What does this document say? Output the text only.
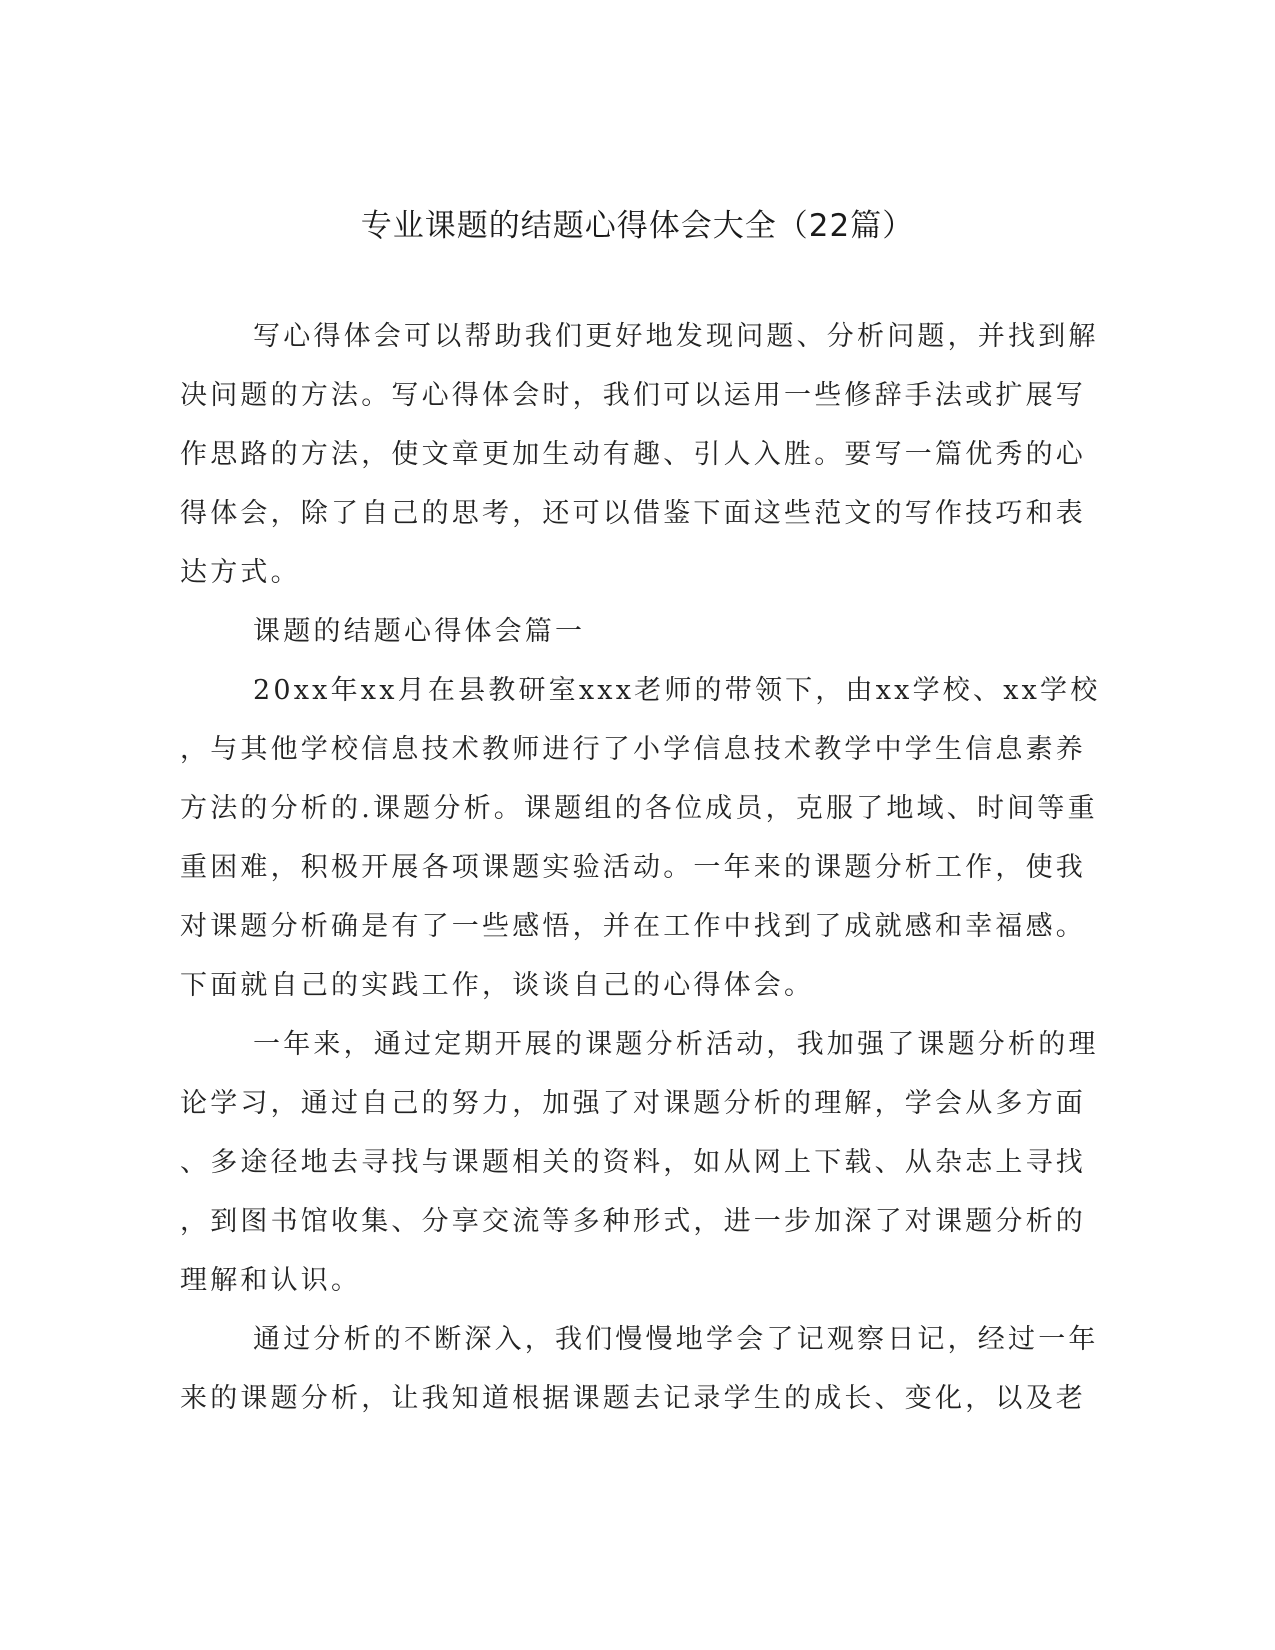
专业课题的结题心得体会大全（22篇）
写心得体会可以帮助我们更好地发现问题、分析问题，并找到解
决问题的方法。写心得体会时，我们可以运用一些修辞手法或扩展写
作思路的方法，使文章更加生动有趣、引人入胜。要写一篇优秀的心
得体会，除了自己的思考，还可以借鉴下面这些范文的写作技巧和表
达方式。
课题的结题心得体会篇一
20xx年xx月在县教研室xxx老师的带领下，由xx学校、xx学校
，与其他学校信息技术教师进行了小学信息技术教学中学生信息素养
方法的分析的.课题分析。课题组的各位成员，克服了地域、时间等重
重困难，积极开展各项课题实验活动。一年来的课题分析工作，使我
对课题分析确是有了一些感悟，并在工作中找到了成就感和幸福感。
下面就自己的实践工作，谈谈自己的心得体会。
一年来，通过定期开展的课题分析活动，我加强了课题分析的理
论学习，通过自己的努力，加强了对课题分析的理解，学会从多方面
、多途径地去寻找与课题相关的资料，如从网上下载、从杂志上寻找
，到图书馆收集、分享交流等多种形式，进一步加深了对课题分析的
理解和认识。
通过分析的不断深入，我们慢慢地学会了记观察日记，经过一年
来的课题分析，让我知道根据课题去记录学生的成长、变化，以及老
